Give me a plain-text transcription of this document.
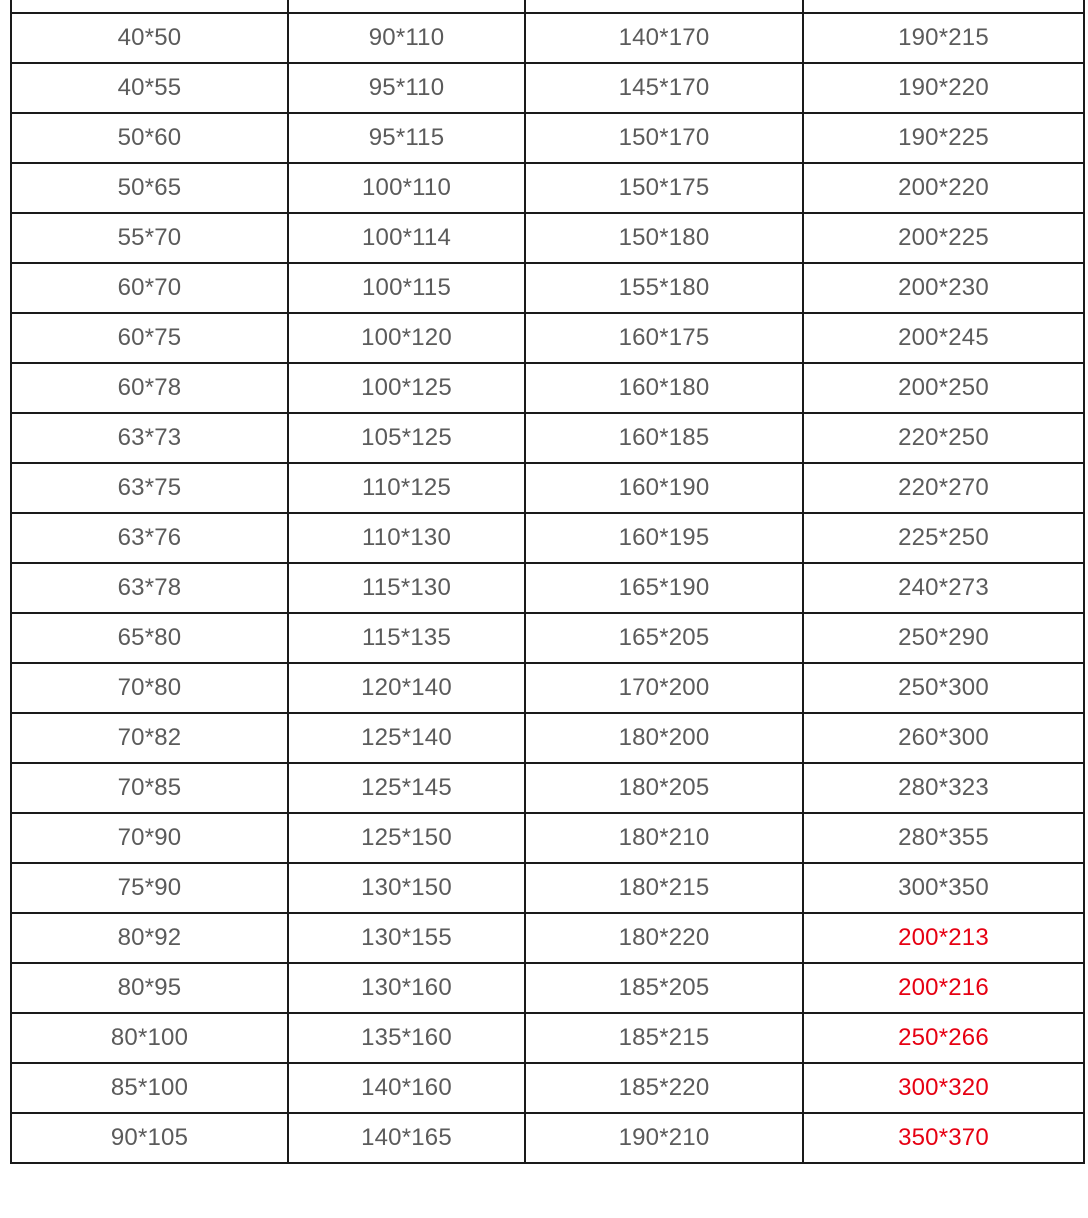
40*50	90*110	140*170	190*215
40*55	95*110	145*170	190*220
50*60	95*115	150*170	190*225
50*65	100*110	150*175	200*220
55*70	100*114	150*180	200*225
60*70	100*115	155*180	200*230
60*75	100*120	160*175	200*245
60*78	100*125	160*180	200*250
63*73	105*125	160*185	220*250
63*75	110*125	160*190	220*270
63*76	110*130	160*195	225*250
63*78	115*130	165*190	240*273
65*80	115*135	165*205	250*290
70*80	120*140	170*200	250*300
70*82	125*140	180*200	260*300
70*85	125*145	180*205	280*323
70*90	125*150	180*210	280*355
75*90	130*150	180*215	300*350
80*92	130*155	180*220	200*213
80*95	130*160	185*205	200*216
80*100	135*160	185*215	250*266
85*100	140*160	185*220	300*320
90*105	140*165	190*210	350*370
